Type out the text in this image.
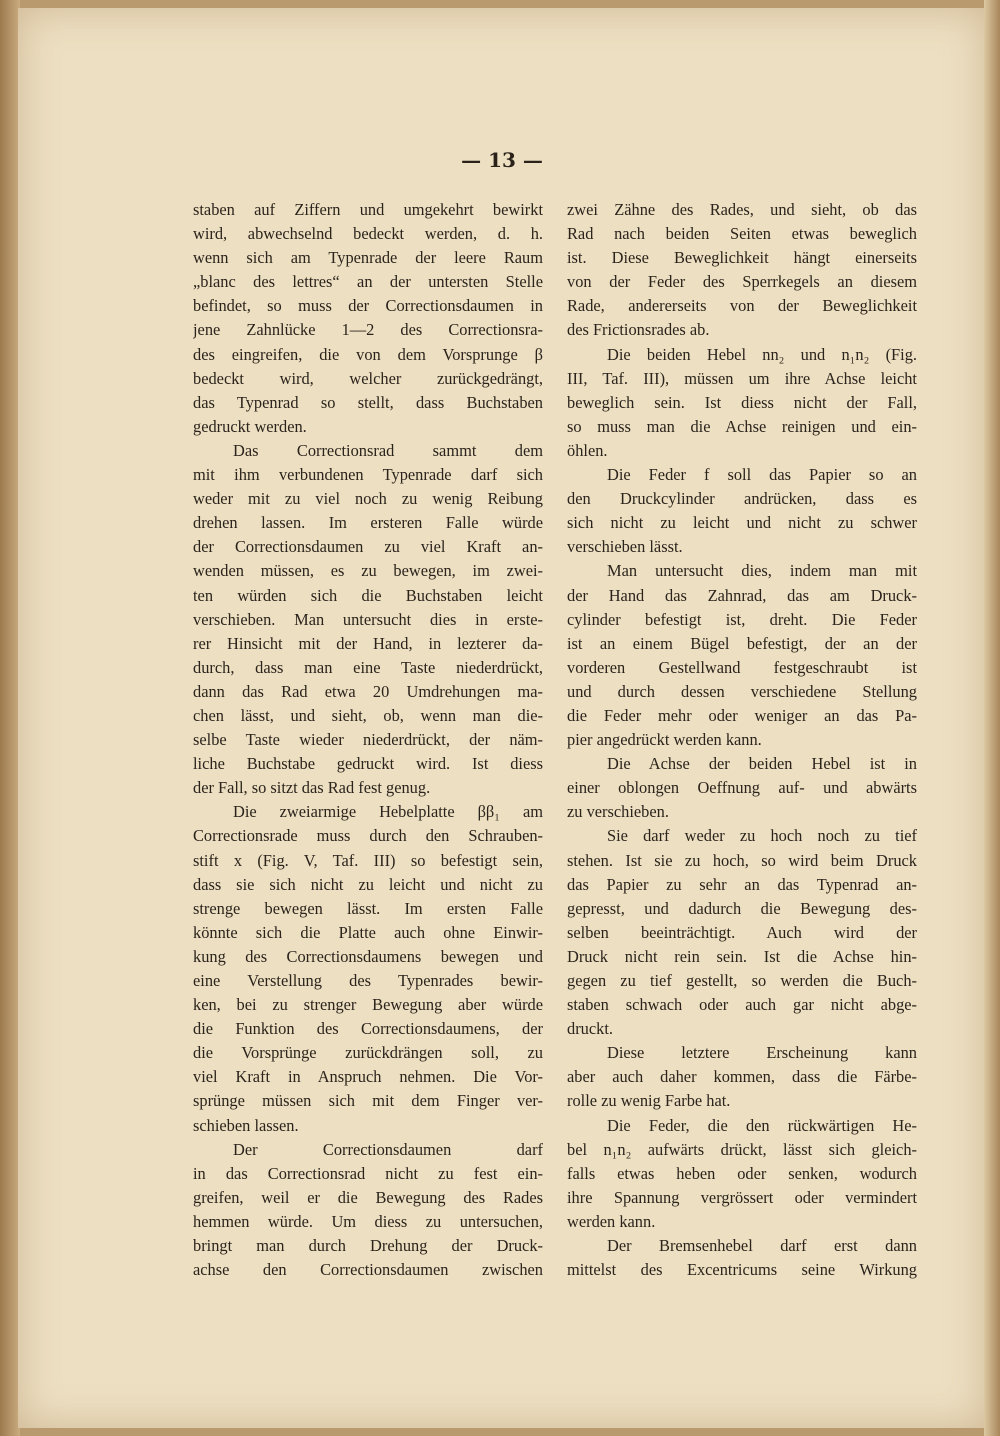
— 13 —
staben auf Ziffern und umgekehrt bewirkt
wird, abwechselnd bedeckt werden, d. h.
wenn sich am Typenrade der leere Raum
„blanc des lettres“ an der untersten Stelle
befindet, so muss der Correctionsdaumen in
jene Zahnlücke 1—2 des Correctionsra-
des eingreifen, die von dem Vorsprunge β
bedeckt wird, welcher zurückgedrängt,
das Typenrad so stellt, dass Buchstaben
gedruckt werden.
Das Correctionsrad sammt dem
mit ihm verbundenen Typenrade darf sich
weder mit zu viel noch zu wenig Reibung
drehen lassen. Im ersteren Falle würde
der Correctionsdaumen zu viel Kraft an-
wenden müssen, es zu bewegen, im zwei-
ten würden sich die Buchstaben leicht
verschieben. Man untersucht dies in erste-
rer Hinsicht mit der Hand, in lezterer da-
durch, dass man eine Taste niederdrückt,
dann das Rad etwa 20 Umdrehungen ma-
chen lässt, und sieht, ob, wenn man die-
selbe Taste wieder niederdrückt, der näm-
liche Buchstabe gedruckt wird. Ist diess
der Fall, so sitzt das Rad fest genug.
Die zweiarmige Hebelplatte ββ₁ am
Correctionsrade muss durch den Schrauben-
stift x (Fig. V, Taf. III) so befestigt sein,
dass sie sich nicht zu leicht und nicht zu
strenge bewegen lässt. Im ersten Falle
könnte sich die Platte auch ohne Einwir-
kung des Correctionsdaumens bewegen und
eine Verstellung des Typenrades bewir-
ken, bei zu strenger Bewegung aber würde
die Funktion des Correctionsdaumens, der
die Vorsprünge zurückdrängen soll, zu
viel Kraft in Anspruch nehmen. Die Vor-
sprünge müssen sich mit dem Finger ver-
schieben lassen.
Der Correctionsdaumen darf
in das Correctionsrad nicht zu fest ein-
greifen, weil er die Bewegung des Rades
hemmen würde. Um diess zu untersuchen,
bringt man durch Drehung der Druck-
achse den Correctionsdaumen zwischen
zwei Zähne des Rades, und sieht, ob das
Rad nach beiden Seiten etwas beweglich
ist. Diese Beweglichkeit hängt einerseits
von der Feder des Sperrkegels an diesem
Rade, andererseits von der Beweglichkeit
des Frictionsrades ab.
Die beiden Hebel nn₂ und n₁n₂ (Fig.
III, Taf. III), müssen um ihre Achse leicht
beweglich sein. Ist diess nicht der Fall,
so muss man die Achse reinigen und ein-
öhlen.
Die Feder f soll das Papier so an
den Druckcylinder andrücken, dass es
sich nicht zu leicht und nicht zu schwer
verschieben lässt.
Man untersucht dies, indem man mit
der Hand das Zahnrad, das am Druck-
cylinder befestigt ist, dreht. Die Feder
ist an einem Bügel befestigt, der an der
vorderen Gestellwand festgeschraubt ist
und durch dessen verschiedene Stellung
die Feder mehr oder weniger an das Pa-
pier angedrückt werden kann.
Die Achse der beiden Hebel ist in
einer oblongen Oeffnung auf- und abwärts
zu verschieben.
Sie darf weder zu hoch noch zu tief
stehen. Ist sie zu hoch, so wird beim Druck
das Papier zu sehr an das Typenrad an-
gepresst, und dadurch die Bewegung des-
selben beeinträchtigt. Auch wird der
Druck nicht rein sein. Ist die Achse hin-
gegen zu tief gestellt, so werden die Buch-
staben schwach oder auch gar nicht abge-
druckt.
Diese letztere Erscheinung kann
aber auch daher kommen, dass die Färbe-
rolle zu wenig Farbe hat.
Die Feder, die den rückwärtigen He-
bel n₁n₂ aufwärts drückt, lässt sich gleich-
falls etwas heben oder senken, wodurch
ihre Spannung vergrössert oder vermindert
werden kann.
Der Bremsenhebel darf erst dann
mittelst des Excentricums seine Wirkung
